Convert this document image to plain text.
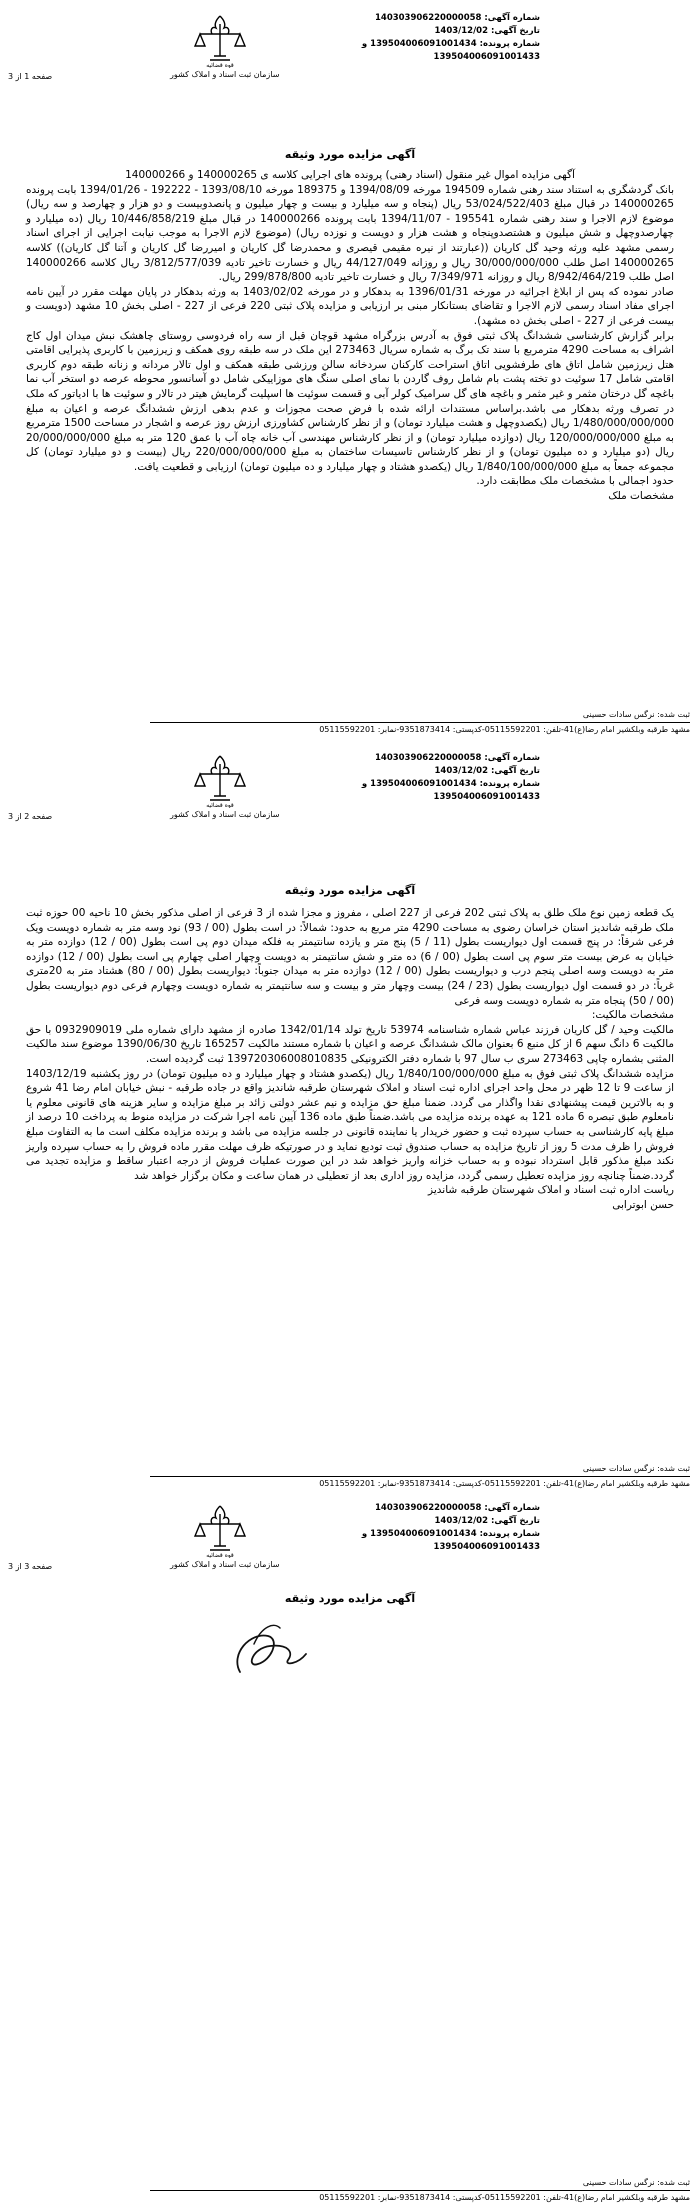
قوه قضائیه
سازمان ثبت اسناد و املاک کشور
شماره آگهی: 140303906220000058
تاریخ آگهی: 1403/12/02
شماره پرونده: 139504006091001434 و
139504006091001433
صفحه 1 از 3
آگهی مزایده مورد وثیقه

آگهی مزایده اموال غیر منقول (اسناد رهنی) پرونده های اجرایی کلاسه ی 140000265 و 140000266

بانک گردشگری به استناد سند رهنی شماره 194509 مورخه 1394/08/09 و 189375 مورخه 1393/08/10 - 192222 - 1394/01/26 بابت پرونده 140000265 در قبال مبلغ 53/024/522/403 ریال (پنجاه و سه میلیارد و بیست و چهار میلیون و پانصدوبیست و دو هزار و چهارصد و سه ریال) موضوع لازم الاجرا و سند رهنی شماره 195541 - 1394/11/07 بابت پرونده 140000266 در قبال مبلغ 10/446/858/219 ریال (ده میلیارد و چهارصدوچهل و شش میلیون و هشتصدوپنجاه و هشت هزار و دویست و نوزده ریال) (موضوع لازم الاجرا به موجب نیابت اجرایی از اجرای اسناد رسمی مشهد علیه ورثه وحید گل کاریان ((عبارتند از نیره مقیمی قیصری و محمدرضا گل کاریان و امیررضا گل کاریان و آتنا گل کاریان)) کلاسه 140000265 اصل طلب 30/000/000/000 ریال و روزانه 44/127/049 ریال و خسارت تاخیر تادیه 3/812/577/039 ریال کلاسه 140000266 اصل طلب 8/942/464/219 ریال و روزانه 7/349/971 ریال و خسارت تاخیر تادیه 299/878/800 ریال.

صادر نموده که پس از ابلاغ اجرائیه در مورخه 1396/01/31 به بدهکار و در مورخه 1403/02/02 به ورثه بدهکار در پایان مهلت مقرر در آیین نامه اجرای مفاد اسناد رسمی لازم الاجرا و تقاضای بستانکار مبنی بر ارزیابی و مزایده پلاک ثبتی 220 فرعی از 227 - اصلی بخش 10 مشهد (دویست و بیست فرعی از 227 - اصلی بخش ده مشهد).

برابر گزارش کارشناسی ششدانگ پلاک ثبتی فوق به آدرس بزرگراه مشهد قوچان قبل از سه راه فردوسی روستای چاهشک نبش میدان اول کاج اشراف به مساحت 4290 مترمربع با سند تک برگ به شماره سریال 273463 این ملک در سه طبقه روی همکف و زیرزمین با کاربری پذیرایی اقامتی هتل زیرزمین شامل اتاق های طرفشویی اتاق استراحت کارکنان سردخانه سالن ورزشی طبقه همکف و اول تالار مردانه و زنانه طبقه دوم کاربری اقامتی شامل 17 سوئیت دو تخته پشت بام شامل روف گاردن با نمای اصلی سنگ های موزاییکی شامل دو آسانسور محوطه عرصه دو استخر آب نما باغچه گل درختان مثمر و غیر مثمر و باغچه های گل سرامیک کولر آبی و قسمت سوئیت ها اسپلیت گرمایش هیتر در تالار و سوئیت ها با ادیاتور که ملک در تصرف ورثه بدهکار می باشد.براساس مستندات ارائه شده با فرض صحت مجوزات و عدم بدهی ارزش ششدانگ عرصه و اعیان به مبلغ 1/480/000/000/000 ریال (یکصدوچهل و هشت میلیارد تومان) و از نظر کارشناس کشاورزی ارزش روز عرصه و اشجار در مساحت 1500 مترمربع به مبلغ 120/000/000/000 ریال (دوازده میلیارد تومان) و از نظر کارشناس مهندسی آب خانه چاه آب با عمق 120 متر به مبلغ 20/000/000/000 ریال (دو میلیارد و ده میلیون تومان) و از نظر کارشناس تاسیسات ساختمان به مبلغ 220/000/000/000 ریال (بیست و دو میلیارد تومان) کل مجموعه جمعاً به مبلغ 1/840/100/000/000 ریال (یکصدو هشتاد و چهار میلیارد و ده میلیون تومان) ارزیابی و قطعیت یافت.

حدود اجمالی با مشخصات ملک مطابقت دارد.

مشخصات ملک

ثبت شده: نرگس سادات حسینی
مشهد طرقبه وبلکشیر امام رضا(ع)41-تلفن: 05115592201-کدپستی: 9351873414-نمابر: 05115592201
قوه قضائیه
سازمان ثبت اسناد و املاک کشور
شماره آگهی: 140303906220000058
تاریخ آگهی: 1403/12/02
شماره پرونده: 139504006091001434 و
139504006091001433
صفحه 2 از 3
آگهی مزایده مورد وثیقه

یک قطعه زمین نوع ملک طلق به پلاک ثبتی 202 فرعی از 227 اصلی ، مفروز و مجزا شده از 3 فرعی از اصلی مذکور بخش 10 ناحیه 00 حوزه ثبت ملک طرقبه شاندیز استان خراسان رضوی به مساحت 4290 متر مربع به حدود: شمالاً: در است بطول (00 / 93) نود وسه متر به شماره دویست ویک فرعی شرقاً: در پنج قسمت اول دیواریست بطول (11 / 5) پنج متر و یازده سانتیمتر به فلکه میدان دوم پی است بطول (00 / 12) دوازده متر به خیابان به عرض بیست متر سوم پی است بطول (00 / 6) ده متر و شش سانتیمتر به دویست وچهار اصلی چهارم پی است بطول (00 / 12) دوازده متر به دویست وسه اصلی پنجم درب و دیواریست بطول (00 / 12) دوازده متر به میدان جنوباً: دیواریست بطول (00 / 80) هشتاد متر به 20متری غرباً: در دو قسمت اول دیواریست بطول (23 / 24) بیست وچهار متر و بیست و سه سانتیمتر به شماره دویست وچهارم فرعی دوم دیواریست بطول (00 / 50) پنجاه متر به شماره دویست وسه فرعی

مشخصات مالکیت:

مالکیت وحید / گل کاریان فرزند عباس شماره شناسنامه 53974 تاریخ تولد 1342/01/14 صادره از مشهد دارای شماره ملی 0932909019 با حق مالکیت 6 دانگ سهم 6 از کل منبع 6 بعنوان مالک ششدانگ عرصه و اعیان با شماره مستند مالکیت 165257 تاریخ 1390/06/30 موضوع سند مالکیت المثنی بشماره چاپی 273463 سری ب سال 97 با شماره دفتر الکترونیکی 139720306008010835 ثبت گردیده است.

مزایده ششدانگ پلاک ثبتی فوق به مبلغ 1/840/100/000/000 ریال (یکصدو هشتاد و چهار میلیارد و ده میلیون تومان) در روز یکشنبه 1403/12/19 از ساعت 9 تا 12 ظهر در محل واحد اجرای اداره ثبت اسناد و املاک شهرستان طرقبه شاندیز واقع در جاده طرقبه - نبش خیابان امام رضا 41 شروع و به بالاترین قیمت پیشنهادی نقدا واگذار می گردد. ضمنا مبلغ حق مزایده و نیم عشر دولتی زائد بر مبلغ مزایده و سایر هزینه های قانونی معلوم یا نامعلوم طبق تبصره 6 ماده 121 به عهده برنده مزایده می باشد.ضمناً طبق ماده 136 آیین نامه اجرا شرکت در مزایده منوط به پرداخت 10 درصد از مبلغ پایه کارشناسی به حساب سپرده ثبت و حضور خریدار یا نماینده قانونی در جلسه مزایده می باشد و برنده مزایده مکلف است ما به التفاوت مبلغ فروش را ظرف مدت 5 روز از تاریخ مزایده به حساب صندوق ثبت تودیع نماید و در صورتیکه ظرف مهلت مقرر ماده فروش را به حساب سپرده واریز نکند مبلغ مذکور قابل استرداد نبوده و به حساب خزانه واریز خواهد شد در این صورت عملیات فروش از درجه اعتبار ساقط و مزایده تجدید می گردد.ضمناً چنانچه روز مزایده تعطیل رسمی گردد، مزایده روز اداری بعد از تعطیلی در همان ساعت و مکان برگزار خواهد شد

ریاست اداره ثبت اسناد و املاک شهرستان طرقبه شاندیز

حسن ابوترابی

ثبت شده: نرگس سادات حسینی
مشهد طرقبه وبلکشیر امام رضا(ع)41-تلفن: 05115592201-کدپستی: 9351873414-نمابر: 05115592201
قوه قضائیه
سازمان ثبت اسناد و املاک کشور
شماره آگهی: 140303906220000058
تاریخ آگهی: 1403/12/02
شماره پرونده: 139504006091001434 و
139504006091001433
صفحه 3 از 3
آگهی مزایده مورد وثیقه
ثبت شده: نرگس سادات حسینی
مشهد طرقبه وبلکشیر امام رضا(ع)41-تلفن: 05115592201-کدپستی: 9351873414-نمابر: 05115592201
